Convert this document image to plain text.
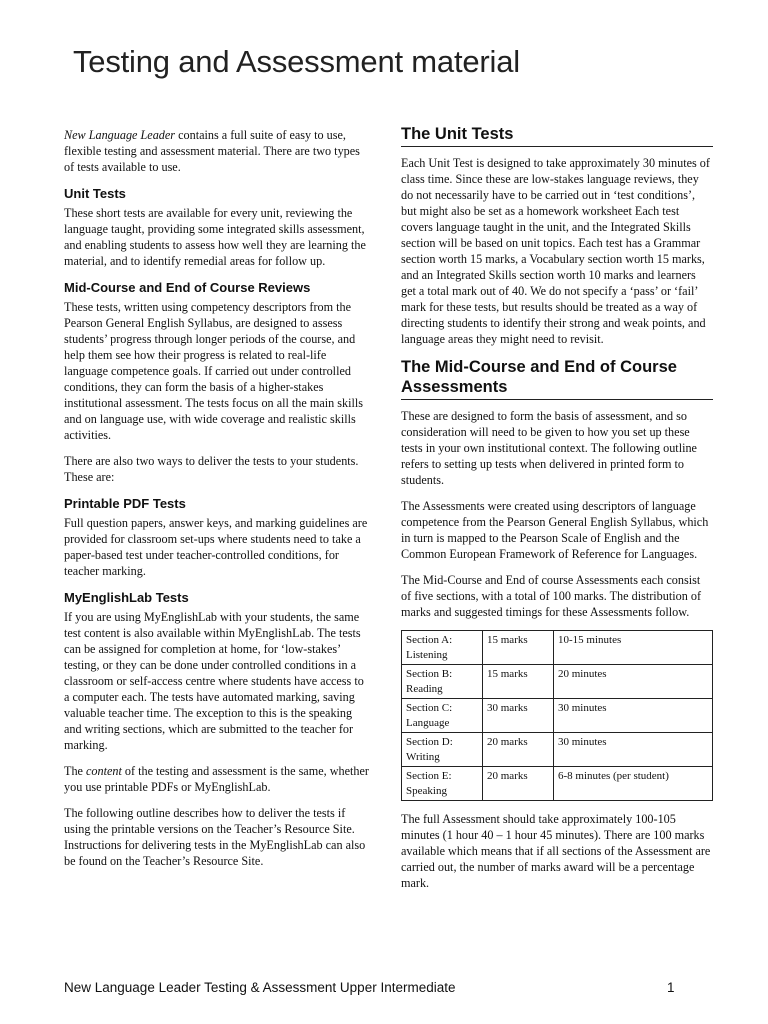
Testing and Assessment material

New Language Leader contains a full suite of easy to use, flexible testing and assessment material. There are two types of tests available to use.

Unit Tests

These short tests are available for every unit, reviewing the language taught, providing some integrated skills assessment, and enabling students to assess how well they are learning the material, and to identify remedial areas for follow up.

Mid-Course and End of Course Reviews

These tests, written using competency descriptors from the Pearson General English Syllabus, are designed to assess students’ progress through longer periods of the course, and help them see how their progress is related to real-life language competence goals. If carried out under controlled conditions, they can form the basis of a higher-stakes institutional assessment. The tests focus on all the main skills and on language use, with wide coverage and realistic skills activities.

There are also two ways to deliver the tests to your students. These are:

Printable PDF Tests

Full question papers, answer keys, and marking guidelines are provided for classroom set-ups where students need to take a paper-based test under teacher-controlled conditions, for teacher marking.

MyEnglishLab Tests

If you are using MyEnglishLab with your students, the same test content is also available within MyEnglishLab. The tests can be assigned for completion at home, for ‘low-stakes’ testing, or they can be done under controlled conditions in a classroom or self-access centre where students have access to a computer each. The tests have automated marking, saving valuable teacher time. The exception to this is the speaking and writing sections, which are submitted to the teacher for marking.

The content of the testing and assessment is the same, whether you use printable PDFs or MyEnglishLab.

The following outline describes how to deliver the tests if using the printable versions on the Teacher’s Resource Site. Instructions for delivering tests in the MyEnglishLab can also be found on the Teacher’s Resource Site.

The Unit Tests

Each Unit Test is designed to take approximately 30 minutes of class time. Since these are low-stakes language reviews, they do not necessarily have to be carried out in ‘test conditions’, but might also be set as a homework worksheet Each test covers language taught in the unit, and the Integrated Skills section will be based on unit topics. Each test has a Grammar section worth 15 marks, a Vocabulary section worth 15 marks, and an Integrated Skills section worth 10 marks and learners get a total mark out of 40. We do not specify a ‘pass’ or ‘fail’ mark for these tests, but results should be treated as a way of directing students to identify their strong and weak points, and language areas they might need to revisit.

The Mid-Course and End of Course Assessments

These are designed to form the basis of assessment, and so consideration will need to be given to how you set up these tests in your own institutional context. The following outline refers to setting up tests when delivered in printed form to students.

The Assessments were created using descriptors of language competence from the Pearson General English Syllabus, which in turn is mapped to the Pearson Scale of English and the Common European Framework of Reference for Languages.

The Mid-Course and End of course Assessments each consist of five sections, with a total of 100 marks. The distribution of marks and suggested timings for these Assessments follow.

Section A:
Listening	15 marks	10-15 minutes
Section B:
Reading	15 marks	20 minutes
Section C:
Language	30 marks	30 minutes
Section D:
Writing	20 marks	30 minutes
Section E:
Speaking	20 marks	6-8 minutes (per student)

The full Assessment should take approximately 100-105 minutes (1 hour 40 – 1 hour 45 minutes). There are 100 marks available which means that if all sections of the Assessment are carried out, the number of marks award will be a percentage mark.

New Language Leader Testing & Assessment Upper Intermediate	1
